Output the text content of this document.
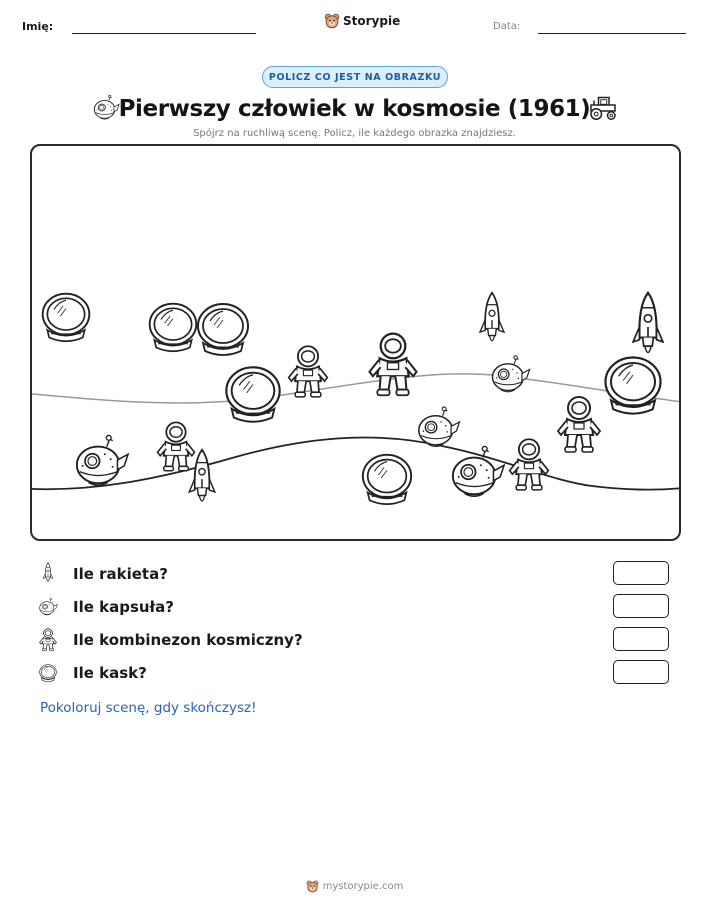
Imię:	Storypie	Data:
POLICZ CO JEST NA OBRAZKU
Pierwszy człowiek w kosmosie (1961)
Spójrz na ruchliwą scenę. Policz, ile każdego obrazka znajdziesz.
Ile rakieta?
Ile kapsuła?
Ile kombinezon kosmiczny?
Ile kask?
Pokoloruj scenę, gdy skończysz!
mystorypie.com
